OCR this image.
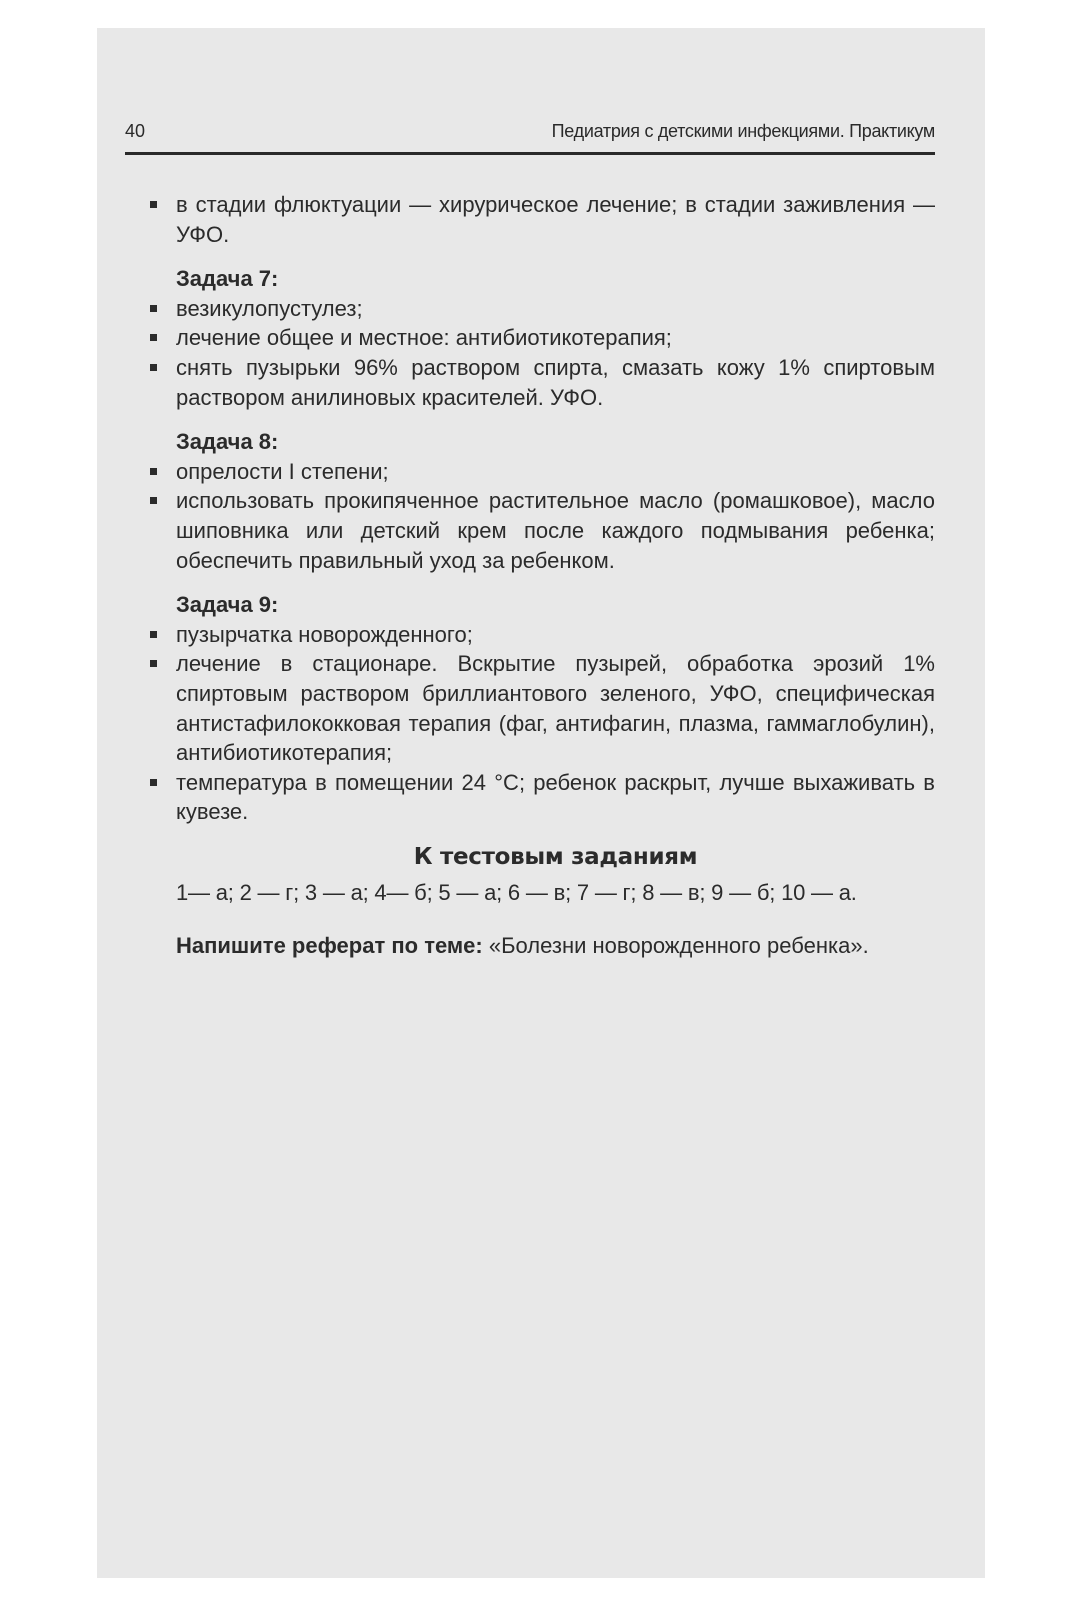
40	Педиатрия с детскими инфекциями. Практикум
в стадии флюктуации — хирурическое лечение; в стадии заживления — УФО.
Задача 7:
везикулопустулез;
лечение общее и местное: антибиотикотерапия;
снять пузырьки 96% раствором спирта, смазать кожу 1% спиртовым раствором анилиновых красителей. УФО.
Задача 8:
опрелости I степени;
использовать прокипяченное растительное масло (ромашковое), масло шиповника или детский крем после каждого подмывания ребенка; обеспечить правильный уход за ребенком.
Задача 9:
пузырчатка новорожденного;
лечение в стационаре. Вскрытие пузырей, обработка эрозий 1% спиртовым раствором бриллиантового зеленого, УФО, специфическая антистафилококковая терапия (фаг, антифагин, плазма, гаммаглобулин), антибиотикотерапия;
температура в помещении 24 °С; ребенок раскрыт, лучше выхаживать в кувезе.
К тестовым заданиям
1— а; 2 — г; 3 — а; 4— б; 5 — а; 6 — в; 7 — г; 8 — в; 9 — б; 10 — а.
Напишите реферат по теме: «Болезни новорожденного ребенка».
